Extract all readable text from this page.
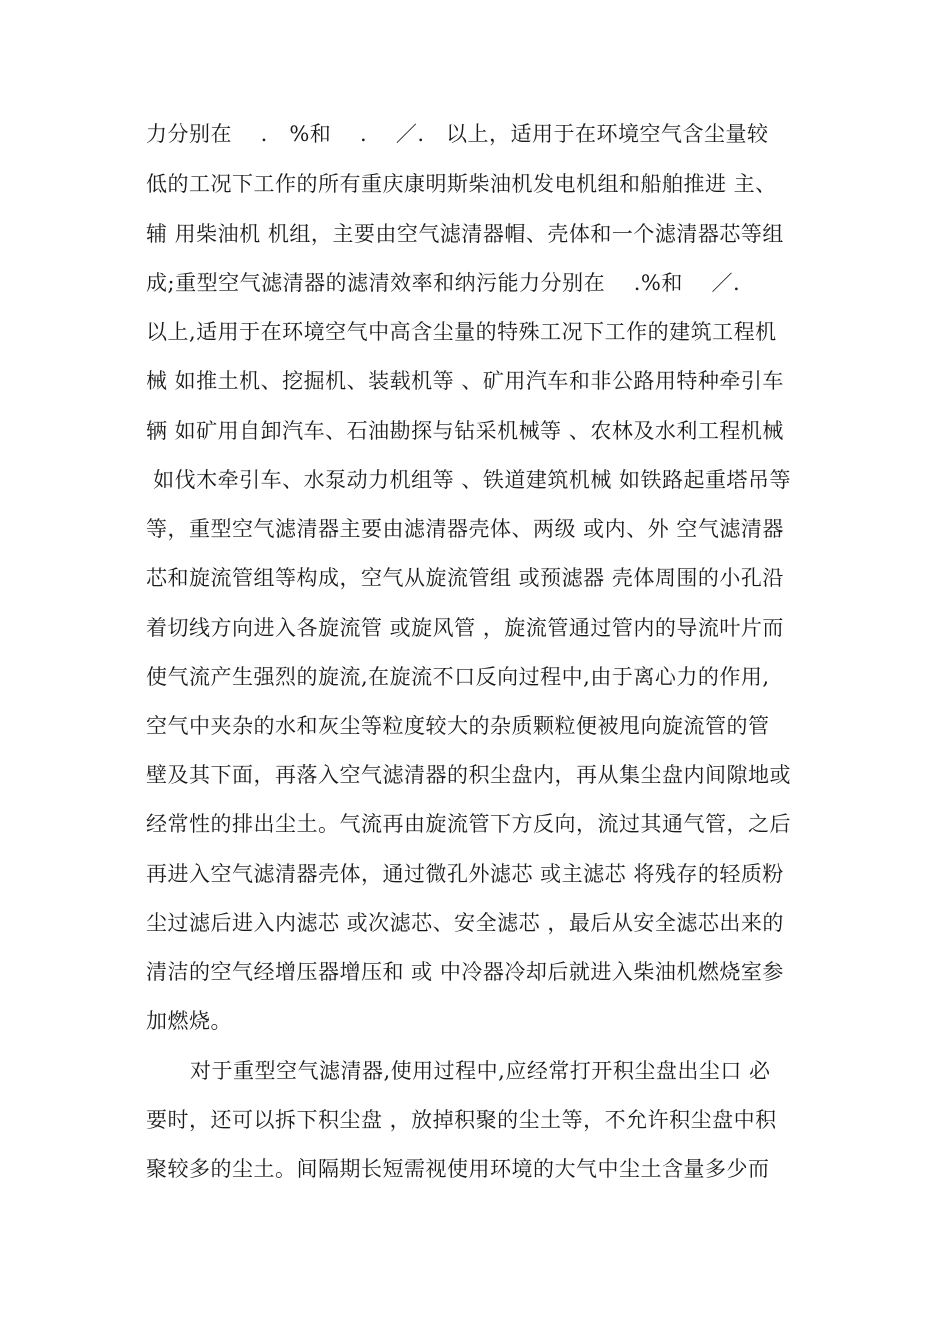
力分别在　 .　%和　 .　 ／.　以上，适用于在环境空气含尘量较
低的工况下工作的所有重庆康明斯柴油机发电机组和船舶推进 主、
辅 用柴油机 机组，主要由空气滤清器帽、壳体和一个滤清器芯等组
成;重型空气滤清器的滤清效率和纳污能力分别在　 .%和　 ／.
以上,适用于在环境空气中高含尘量的特殊工况下工作的建筑工程机
械 如推土机、挖掘机、装载机等 、矿用汽车和非公路用特种牵引车
辆 如矿用自卸汽车、石油勘探与钻采机械等 、农林及水利工程机械
如伐木牵引车、水泵动力机组等 、铁道建筑机械 如铁路起重塔吊等
等，重型空气滤清器主要由滤清器壳体、两级 或内、外 空气滤清器
芯和旋流管组等构成，空气从旋流管组 或预滤器 壳体周围的小孔沿
着切线方向进入各旋流管 或旋风管 ，旋流管通过管内的导流叶片而
使气流产生强烈的旋流,在旋流不口反向过程中,由于离心力的作用,
空气中夹杂的水和灰尘等粒度较大的杂质颗粒便被甩向旋流管的管
壁及其下面，再落入空气滤清器的积尘盘内，再从集尘盘内间隙地或
经常性的排出尘土。气流再由旋流管下方反向，流过其通气管，之后
再进入空气滤清器壳体，通过微孔外滤芯 或主滤芯 将残存的轻质粉
尘过滤后进入内滤芯 或次滤芯、安全滤芯 ，最后从安全滤芯出来的
清洁的空气经增压器增压和 或 中冷器冷却后就进入柴油机燃烧室参
加燃烧。
对于重型空气滤清器,使用过程中,应经常打开积尘盘出尘口 必
要时，还可以拆下积尘盘 ，放掉积聚的尘土等，不允许积尘盘中积
聚较多的尘土。间隔期长短需视使用环境的大气中尘土含量多少而
